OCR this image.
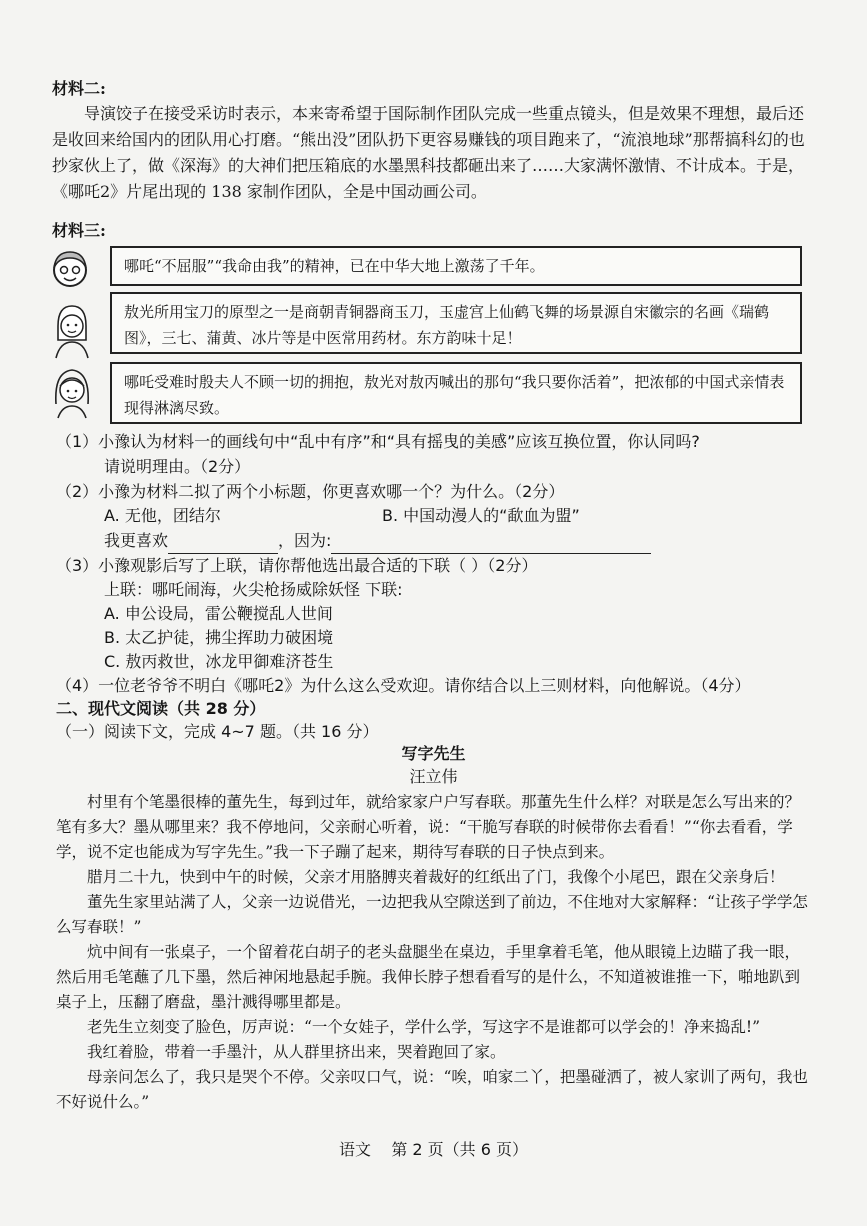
材料二:

导演饺子在接受采访时表示，本来寄希望于国际制作团队完成一些重点镜头，但是效果不理想，最后还是收回来给国内的团队用心打磨。“熊出没”团队扔下更容易赚钱的项目跑来了，“流浪地球”那帮搞科幻的也抄家伙上了，做《深海》的大神们把压箱底的水墨黑科技都砸出来了……大家满怀激情、不计成本。于是，《哪吒2》片尾出现的 138 家制作团队，全是中国动画公司。

材料三:
哪吒“不屈服”“我命由我”的精神，已在中华大地上激荡了千年。
敖光所用宝刀的原型之一是商朝青铜器商玉刀，玉虚宫上仙鹤飞舞的场景源自宋徽宗的名画《瑞鹤图》，三七、蒲黄、冰片等是中医常用药材。东方韵味十足！
哪吒受难时殷夫人不顾一切的拥抱，敖光对敖丙喊出的那句“我只要你活着”，把浓郁的中国式亲情表现得淋漓尽致。
（1）小豫认为材料一的画线句中“乱中有序”和“具有摇曳的美感”应该互换位置，你认同吗?
请说明理由。（2分）
（2）小豫为材料二拟了两个小标题，你更喜欢哪一个？为什么。（2分）
A. 无他，团结尔	B. 中国动漫人的“歃血为盟”
我更喜欢	，因为:
（3）小豫观影后写了上联，请你帮他选出最合适的下联（ ）（2分）
上联：哪吒闹海，火尖枪扬威除妖怪 下联:
A. 申公设局，雷公鞭搅乱人世间
B. 太乙护徒，拂尘挥助力破困境
C. 敖丙救世，冰龙甲御难济苍生
（4）一位老爷爷不明白《哪吒2》为什么这么受欢迎。请你结合以上三则材料，向他解说。（4分）
二、现代文阅读（共 28 分）
（一）阅读下文，完成 4~7 题。（共 16 分）
写字先生
汪立伟

村里有个笔墨很棒的董先生，每到过年，就给家家户户写春联。那董先生什么样？对联是怎么写出来的？笔有多大？墨从哪里来？我不停地问，父亲耐心听着，说：“干脆写春联的时候带你去看看！”“你去看看，学学，说不定也能成为写字先生。”我一下子蹦了起来，期待写春联的日子快点到来。

腊月二十九，快到中午的时候，父亲才用胳膊夹着裁好的红纸出了门，我像个小尾巴，跟在父亲身后！

董先生家里站满了人，父亲一边说借光，一边把我从空隙送到了前边，不住地对大家解释：“让孩子学学怎么写春联！”

炕中间有一张桌子，一个留着花白胡子的老头盘腿坐在桌边，手里拿着毛笔，他从眼镜上边瞄了我一眼，然后用毛笔蘸了几下墨，然后神闲地悬起手腕。我伸长脖子想看看写的是什么，不知道被谁推一下，啪地趴到桌子上，压翻了磨盘，墨汁溅得哪里都是。

老先生立刻变了脸色，厉声说：“一个女娃子，学什么学，写这字不是谁都可以学会的！净来捣乱!”

我红着脸，带着一手墨汁，从人群里挤出来，哭着跑回了家。

母亲问怎么了，我只是哭个不停。父亲叹口气，说：“唉，咱家二丫，把墨碰洒了，被人家训了两句，我也不好说什么。”

语文    第 2 页（共 6 页）
